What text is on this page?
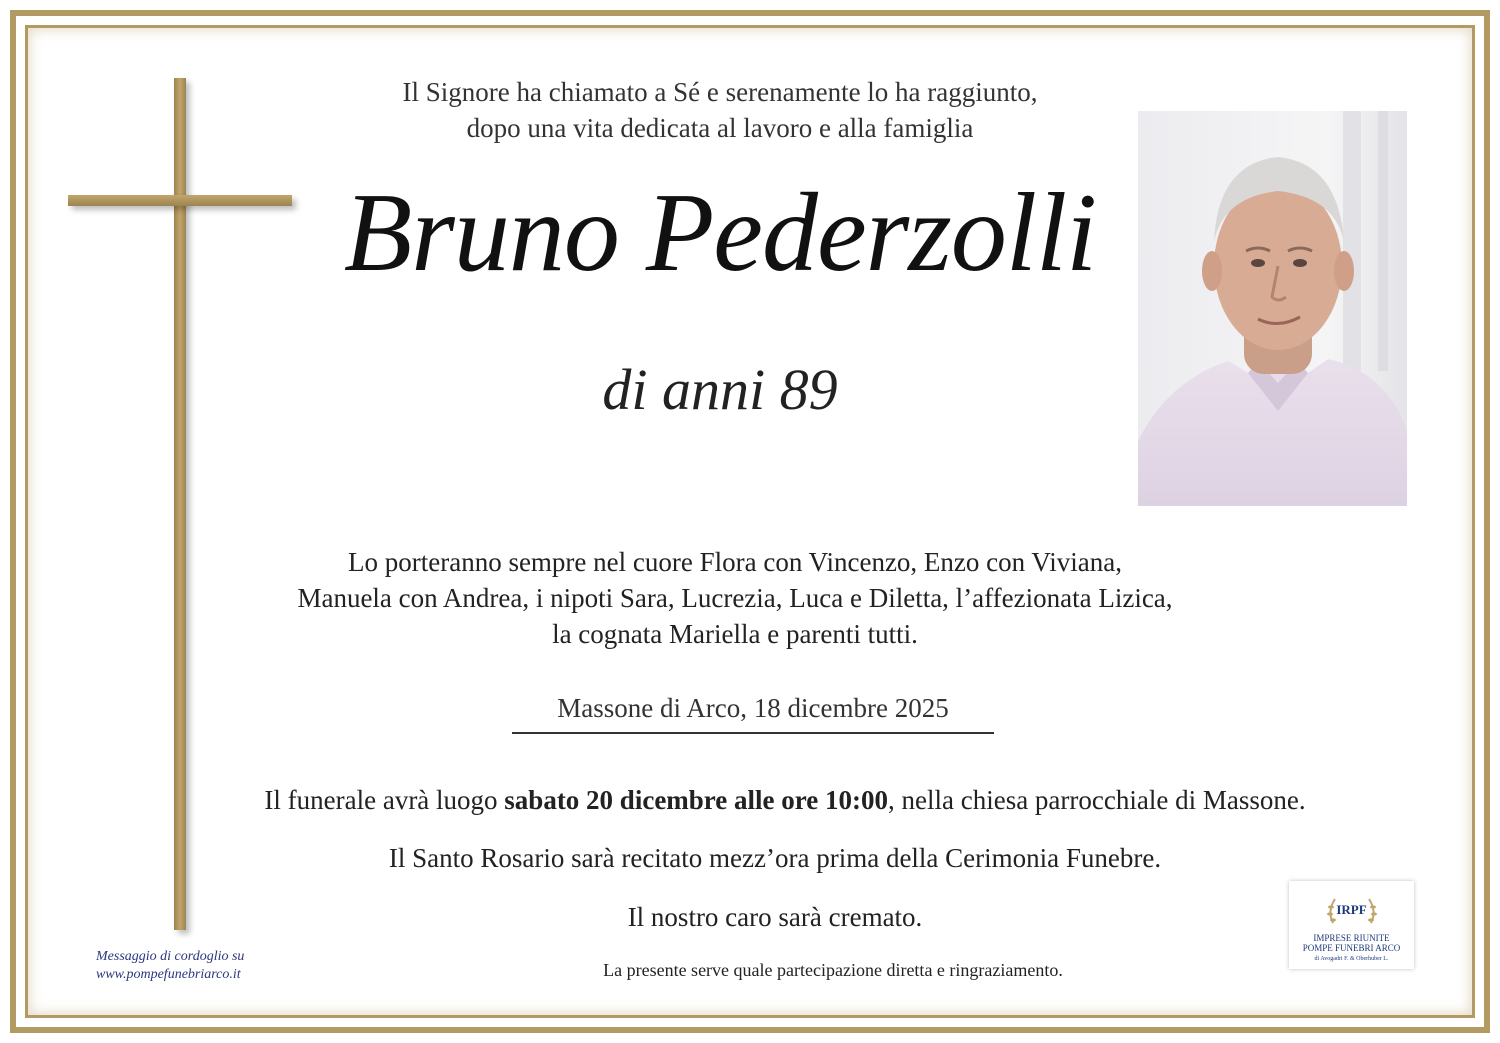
Il Signore ha chiamato a Sé e serenamente lo ha raggiunto,
dopo una vita dedicata al lavoro e alla famiglia
Bruno Pederzolli
di anni 89
Lo porteranno sempre nel cuore Flora con Vincenzo, Enzo con Viviana,
Manuela con Andrea, i nipoti Sara, Lucrezia, Luca e Diletta, l’affezionata Lizica,
la cognata Mariella e parenti tutti.
Massone di Arco, 18 dicembre 2025
Il funerale avrà luogo sabato 20 dicembre alle ore 10:00, nella chiesa parrocchiale di Massone.
Il Santo Rosario sarà recitato mezz’ora prima della Cerimonia Funebre.
Il nostro caro sarà cremato.
La presente serve quale partecipazione diretta e ringraziamento.
Messaggio di cordoglio su
www.pompefunebriarco.it
IRPF
IMPRESE RIUNITE
POMPE FUNEBRI ARCO
di Avogadri F. & Oberhuber L.
